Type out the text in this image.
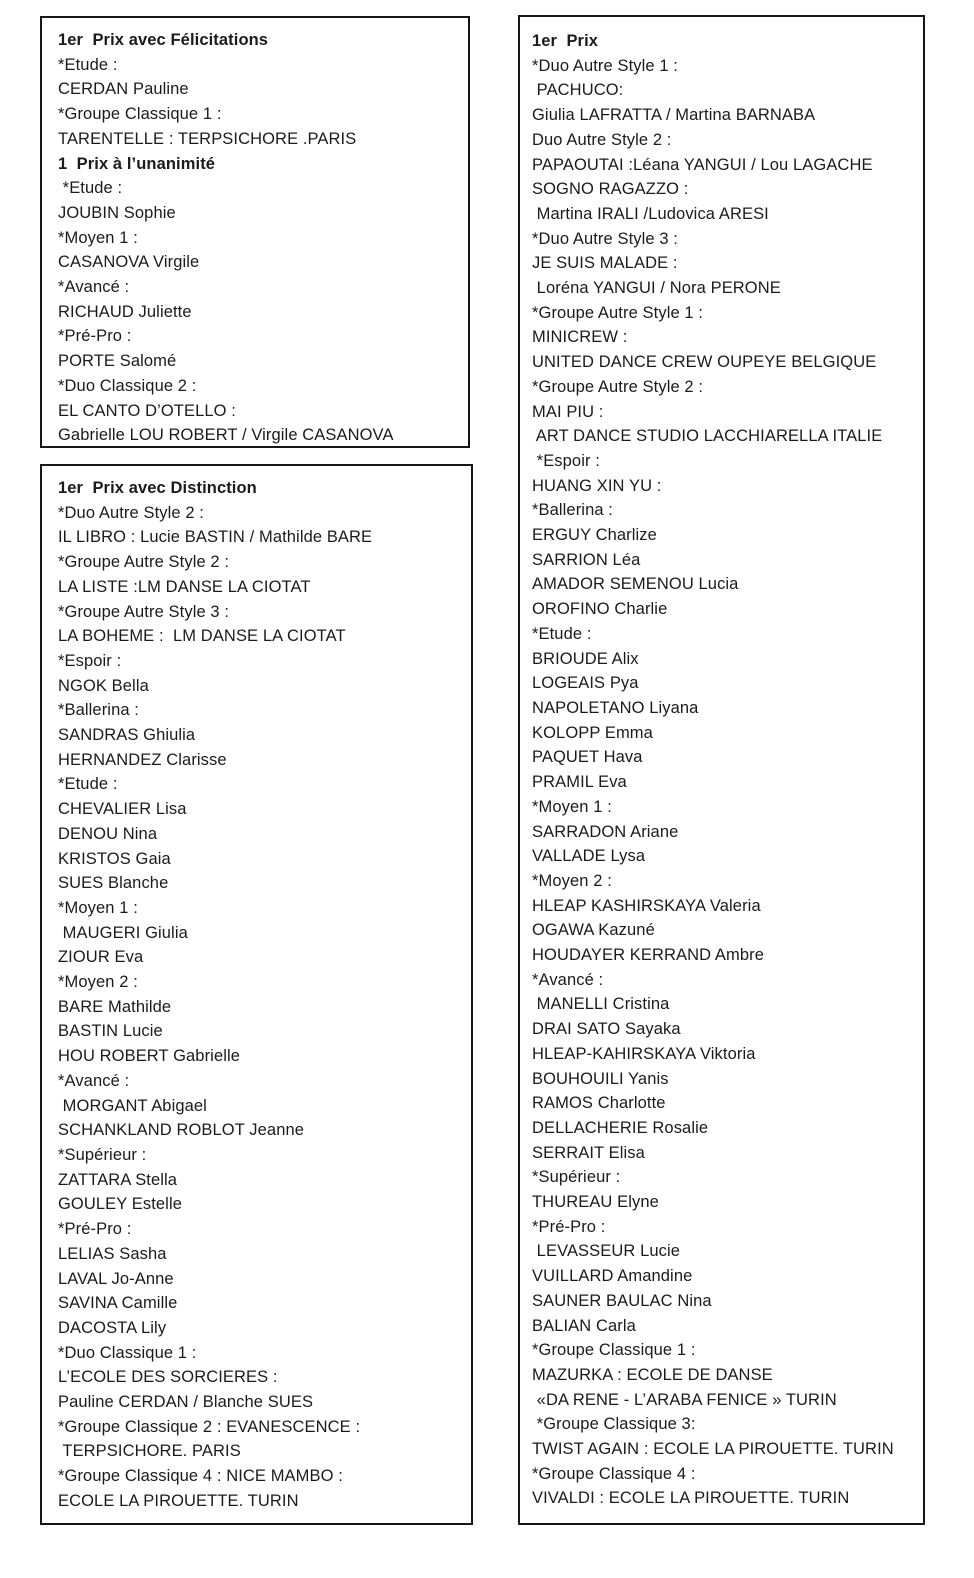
1er  Prix avec Félicitations
*Etude :
CERDAN Pauline
*Groupe Classique 1 :
TARENTELLE : TERPSICHORE .PARIS
1  Prix à l’unanimité
*Etude :
JOUBIN Sophie
*Moyen 1 :
CASANOVA Virgile
*Avancé :
RICHAUD Juliette
*Pré-Pro :
PORTE Salomé
*Duo Classique 2 :
EL CANTO D’OTELLO :
Gabrielle LOU ROBERT / Virgile CASANOVA
1er  Prix avec Distinction
*Duo Autre Style 2 :
IL LIBRO : Lucie BASTIN / Mathilde BARE
*Groupe Autre Style 2 :
LA LISTE :LM DANSE LA CIOTAT
*Groupe Autre Style 3 :
LA BOHEME :  LM DANSE LA CIOTAT
*Espoir :
NGOK Bella
*Ballerina :
SANDRAS Ghiulia
HERNANDEZ Clarisse
*Etude :
CHEVALIER Lisa
DENOU Nina
KRISTOS Gaia
SUES Blanche
*Moyen 1 :
MAUGERI Giulia
ZIOUR Eva
*Moyen 2 :
BARE Mathilde
BASTIN Lucie
HOU ROBERT Gabrielle
*Avancé :
MORGANT Abigael
SCHANKLAND ROBLOT Jeanne
*Supérieur :
ZATTARA Stella
GOULEY Estelle
*Pré-Pro :
LELIAS Sasha
LAVAL Jo-Anne
SAVINA Camille
DACOSTA Lily
*Duo Classique 1 :
L’ECOLE DES SORCIERES :
Pauline CERDAN / Blanche SUES
*Groupe Classique 2 : EVANESCENCE :
TERPSICHORE. PARIS
*Groupe Classique 4 : NICE MAMBO :
ECOLE LA PIROUETTE. TURIN
1er  Prix
*Duo Autre Style 1 :
PACHUCO:
Giulia LAFRATTA / Martina BARNABA
Duo Autre Style 2 :
PAPAOUTAI :Léana YANGUI / Lou LAGACHE
SOGNO RAGAZZO :
Martina IRALI /Ludovica ARESI
*Duo Autre Style 3 :
JE SUIS MALADE :
Loréna YANGUI / Nora PERONE
*Groupe Autre Style 1 :
MINICREW :
UNITED DANCE CREW OUPEYE BELGIQUE
*Groupe Autre Style 2 :
MAI PIU :
ART DANCE STUDIO LACCHIARELLA ITALIE
*Espoir :
HUANG XIN YU :
*Ballerina :
ERGUY Charlize
SARRION Léa
AMADOR SEMENOU Lucia
OROFINO Charlie
*Etude :
BRIOUDE Alix
LOGEAIS Pya
NAPOLETANO Liyana
KOLOPP Emma
PAQUET Hava
PRAMIL Eva
*Moyen 1 :
SARRADON Ariane
VALLADE Lysa
*Moyen 2 :
HLEAP KASHIRSKAYA Valeria
OGAWA Kazuné
HOUDAYER KERRAND Ambre
*Avancé :
MANELLI Cristina
DRAI SATO Sayaka
HLEAP-KAHIRSKAYA Viktoria
BOUHOUILI Yanis
RAMOS Charlotte
DELLACHERIE Rosalie
SERRAIT Elisa
*Supérieur :
THUREAU Elyne
*Pré-Pro :
LEVASSEUR Lucie
VUILLARD Amandine
SAUNER BAULAC Nina
BALIAN Carla
*Groupe Classique 1 :
MAZURKA : ECOLE DE DANSE
«DA RENE - L’ARABA FENICE » TURIN
*Groupe Classique 3:
TWIST AGAIN : ECOLE LA PIROUETTE. TURIN
*Groupe Classique 4 :
VIVALDI : ECOLE LA PIROUETTE. TURIN
